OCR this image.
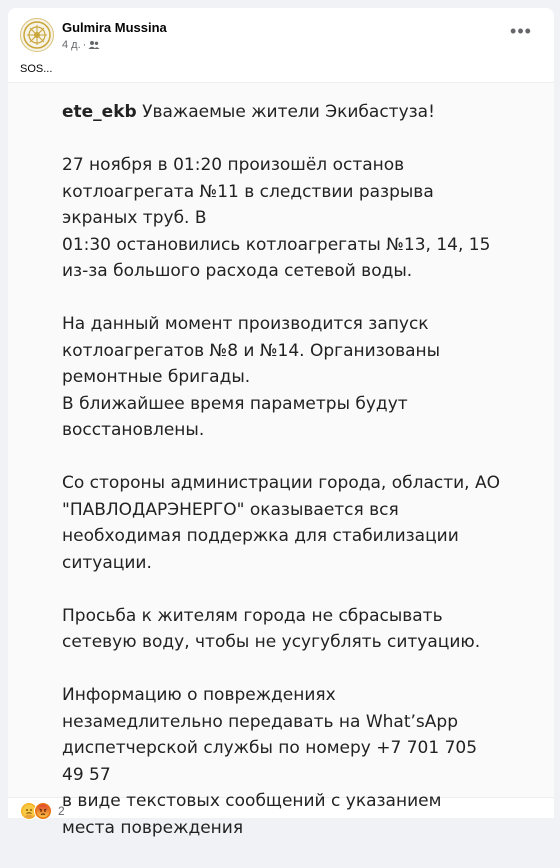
Gulmira Mussina
4 д. ·
•••
SOS...

ete_ekb Уважаемые жители Экибастуза!

27 ноября в 01:20 произошёл останов
котлоагрегата №11 в следствии разрыва
экраных труб. В
01:30 остановились котлоагрегаты №13, 14, 15
из-за большого расхода сетевой воды.

На данный момент производится запуск
котлоагрегатов №8 и №14. Организованы
ремонтные бригады.
В ближайшее время параметры будут
восстановлены.

Со стороны администрации города, области, АО
"ПАВЛОДАРЭНЕРГО" оказывается вся
необходимая поддержка для стабилизации
ситуации.

Просьба к жителям города не сбрасывать
сетевую воду, чтобы не усугублять ситуацию.

Информацию о повреждениях
незамедлительно передавать на What’sApp
диспетчерской службы по номеру +7 701 705
49 57
в виде текстовых сообщений с указанием
места повреждения

2
